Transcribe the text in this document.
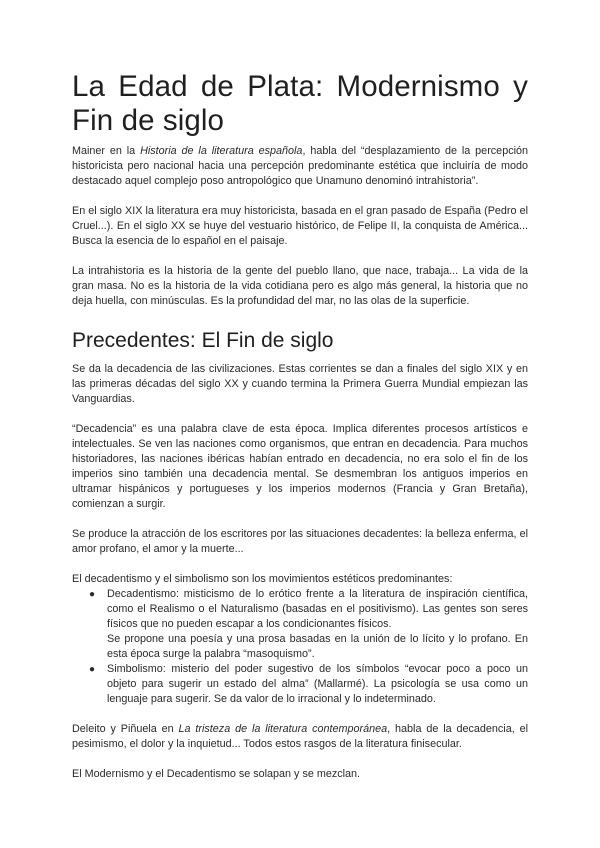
La Edad de Plata: Modernismo y Fin de siglo

Mainer en la Historia de la literatura española, habla del “desplazamiento de la percepción historicista pero nacional hacia una percepción predominante estética que incluiría de modo destacado aquel complejo poso antropológico que Unamuno denominó intrahistoria”.

En el siglo XIX la literatura era muy historicista, basada en el gran pasado de España (Pedro el Cruel...). En el siglo XX se huye del vestuario histórico, de Felipe II, la conquista de América... Busca la esencia de lo español en el paisaje.

La intrahistoria es la historia de la gente del pueblo llano, que nace, trabaja... La vida de la gran masa. No es la historia de la vida cotidiana pero es algo más general, la historia que no deja huella, con minúsculas. Es la profundidad del mar, no las olas de la superficie.

Precedentes: El Fin de siglo

Se da la decadencia de las civilizaciones. Estas corrientes se dan a finales del siglo XIX y en las primeras décadas del siglo XX y cuando termina la Primera Guerra Mundial empiezan las Vanguardias.

“Decadencia” es una palabra clave de esta época. Implica diferentes procesos artísticos e intelectuales. Se ven las naciones como organismos, que entran en decadencia. Para muchos historiadores, las naciones ibéricas habían entrado en decadencia, no era solo el fin de los imperios sino también una decadencia mental. Se desmembran los antiguos imperios en ultramar hispánicos y portugueses y los imperios modernos (Francia y Gran Bretaña), comienzan a surgir.

Se produce la atracción de los escritores por las situaciones decadentes: la belleza enferma, el amor profano, el amor y la muerte...

El decadentismo y el simbolismo son los movimientos estéticos predominantes:

● Decadentismo: misticismo de lo erótico frente a la literatura de inspiración científica, como el Realismo o el Naturalismo (basadas en el positivismo). Las gentes son seres físicos que no pueden escapar a los condicionantes físicos.
Se propone una poesía y una prosa basadas en la unión de lo lícito y lo profano. En esta época surge la palabra “masoquismo”.
● Simbolismo: misterio del poder sugestivo de los símbolos “evocar poco a poco un objeto para sugerir un estado del alma” (Mallarmé). La psicología se usa como un lenguaje para sugerir. Se da valor de lo irracional y lo indeterminado.

Deleito y Piñuela en La tristeza de la literatura contemporánea, habla de la decadencia, el pesimismo, el dolor y la inquietud... Todos estos rasgos de la literatura finisecular.

El Modernismo y el Decadentismo se solapan y se mezclan.
